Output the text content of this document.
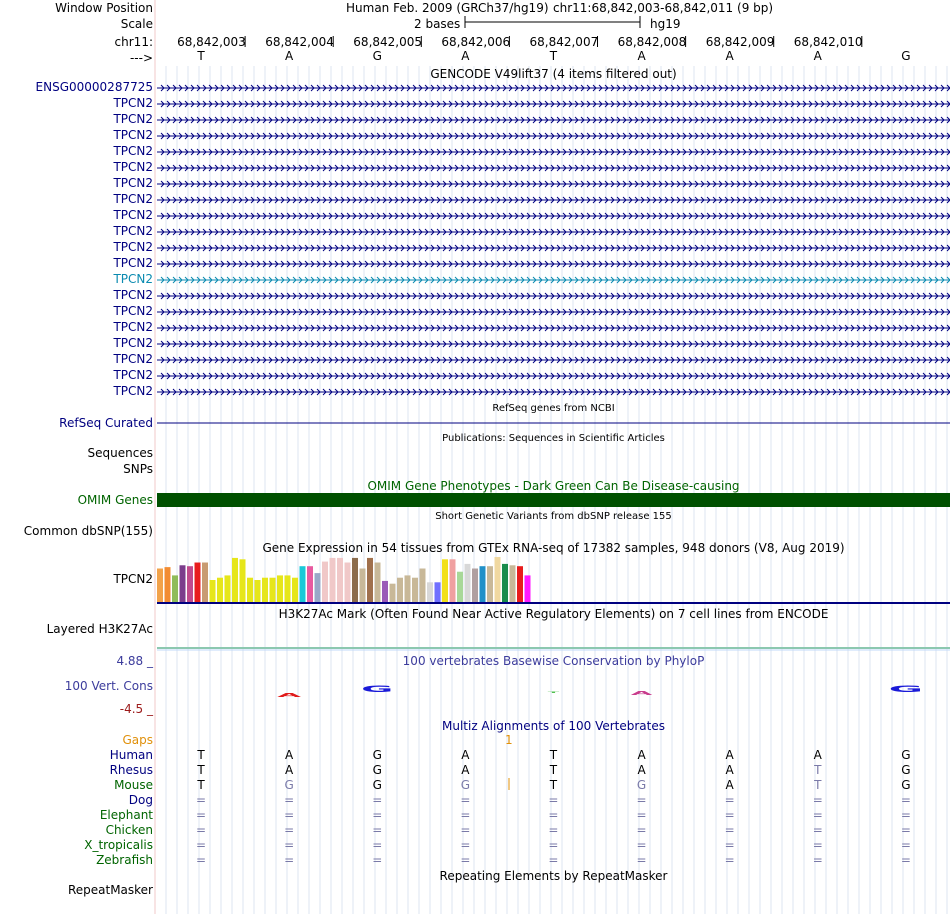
A
G	T	A	G
Window Position
Scale
chr11:
--->
Human Feb. 2009 (GRCh37/hg19) chr11:68,842,003-68,842,011 (9 bp)
2 bases	hg19
68,842,003 68,842,004 68,842,005 68,842,006 68,842,007 68,842,008 68,842,009 68,842,010
T	A	G	A	T	A	A	A	G
GENCODE V49lift37 (4 items filtered out)
ENSG00000287725
TPCN2
TPCN2
TPCN2
TPCN2
TPCN2
TPCN2
TPCN2
TPCN2
TPCN2
TPCN2
TPCN2
TPCN2
TPCN2
TPCN2
TPCN2
TPCN2
TPCN2
TPCN2
TPCN2
RefSeq genes from NCBI
RefSeq Curated
Publications: Sequences in Scientific Articles
Sequences
SNPs
OMIM Gene Phenotypes - Dark Green Can Be Disease-causing
OMIM Genes
Short Genetic Variants from dbSNP release 155
Common dbSNP(155)
Gene Expression in 54 tissues from GTEx RNA-seq of 17382 samples, 948 donors (V8, Aug 2019)
TPCN2
H3K27Ac Mark (Often Found Near Active Regulatory Elements) on 7 cell lines from ENCODE
Layered H3K27Ac
100 vertebrates Basewise Conservation by PhyloP
4.88 _
100 Vert. Cons
-4.5 _
Multiz Alignments of 100 Vertebrates
Gaps	1
Human	T	A	G	A	T	A	A	A	G
Rhesus	T	A	G	A	T	A	A	T	G
Mouse	T	G	G	G	T	G	A	T	G
Dog	=	=	=	=	=	=	=	=	=
Elephant	=	=	=	=	=	=	=	=	=
Chicken	=	=	=	=	=	=	=	=	=
X_tropicalis	=	=	=	=	=	=	=	=	=
Zebrafish	=	=	=	=	=	=	=	=	=
Repeating Elements by RepeatMasker
RepeatMasker
